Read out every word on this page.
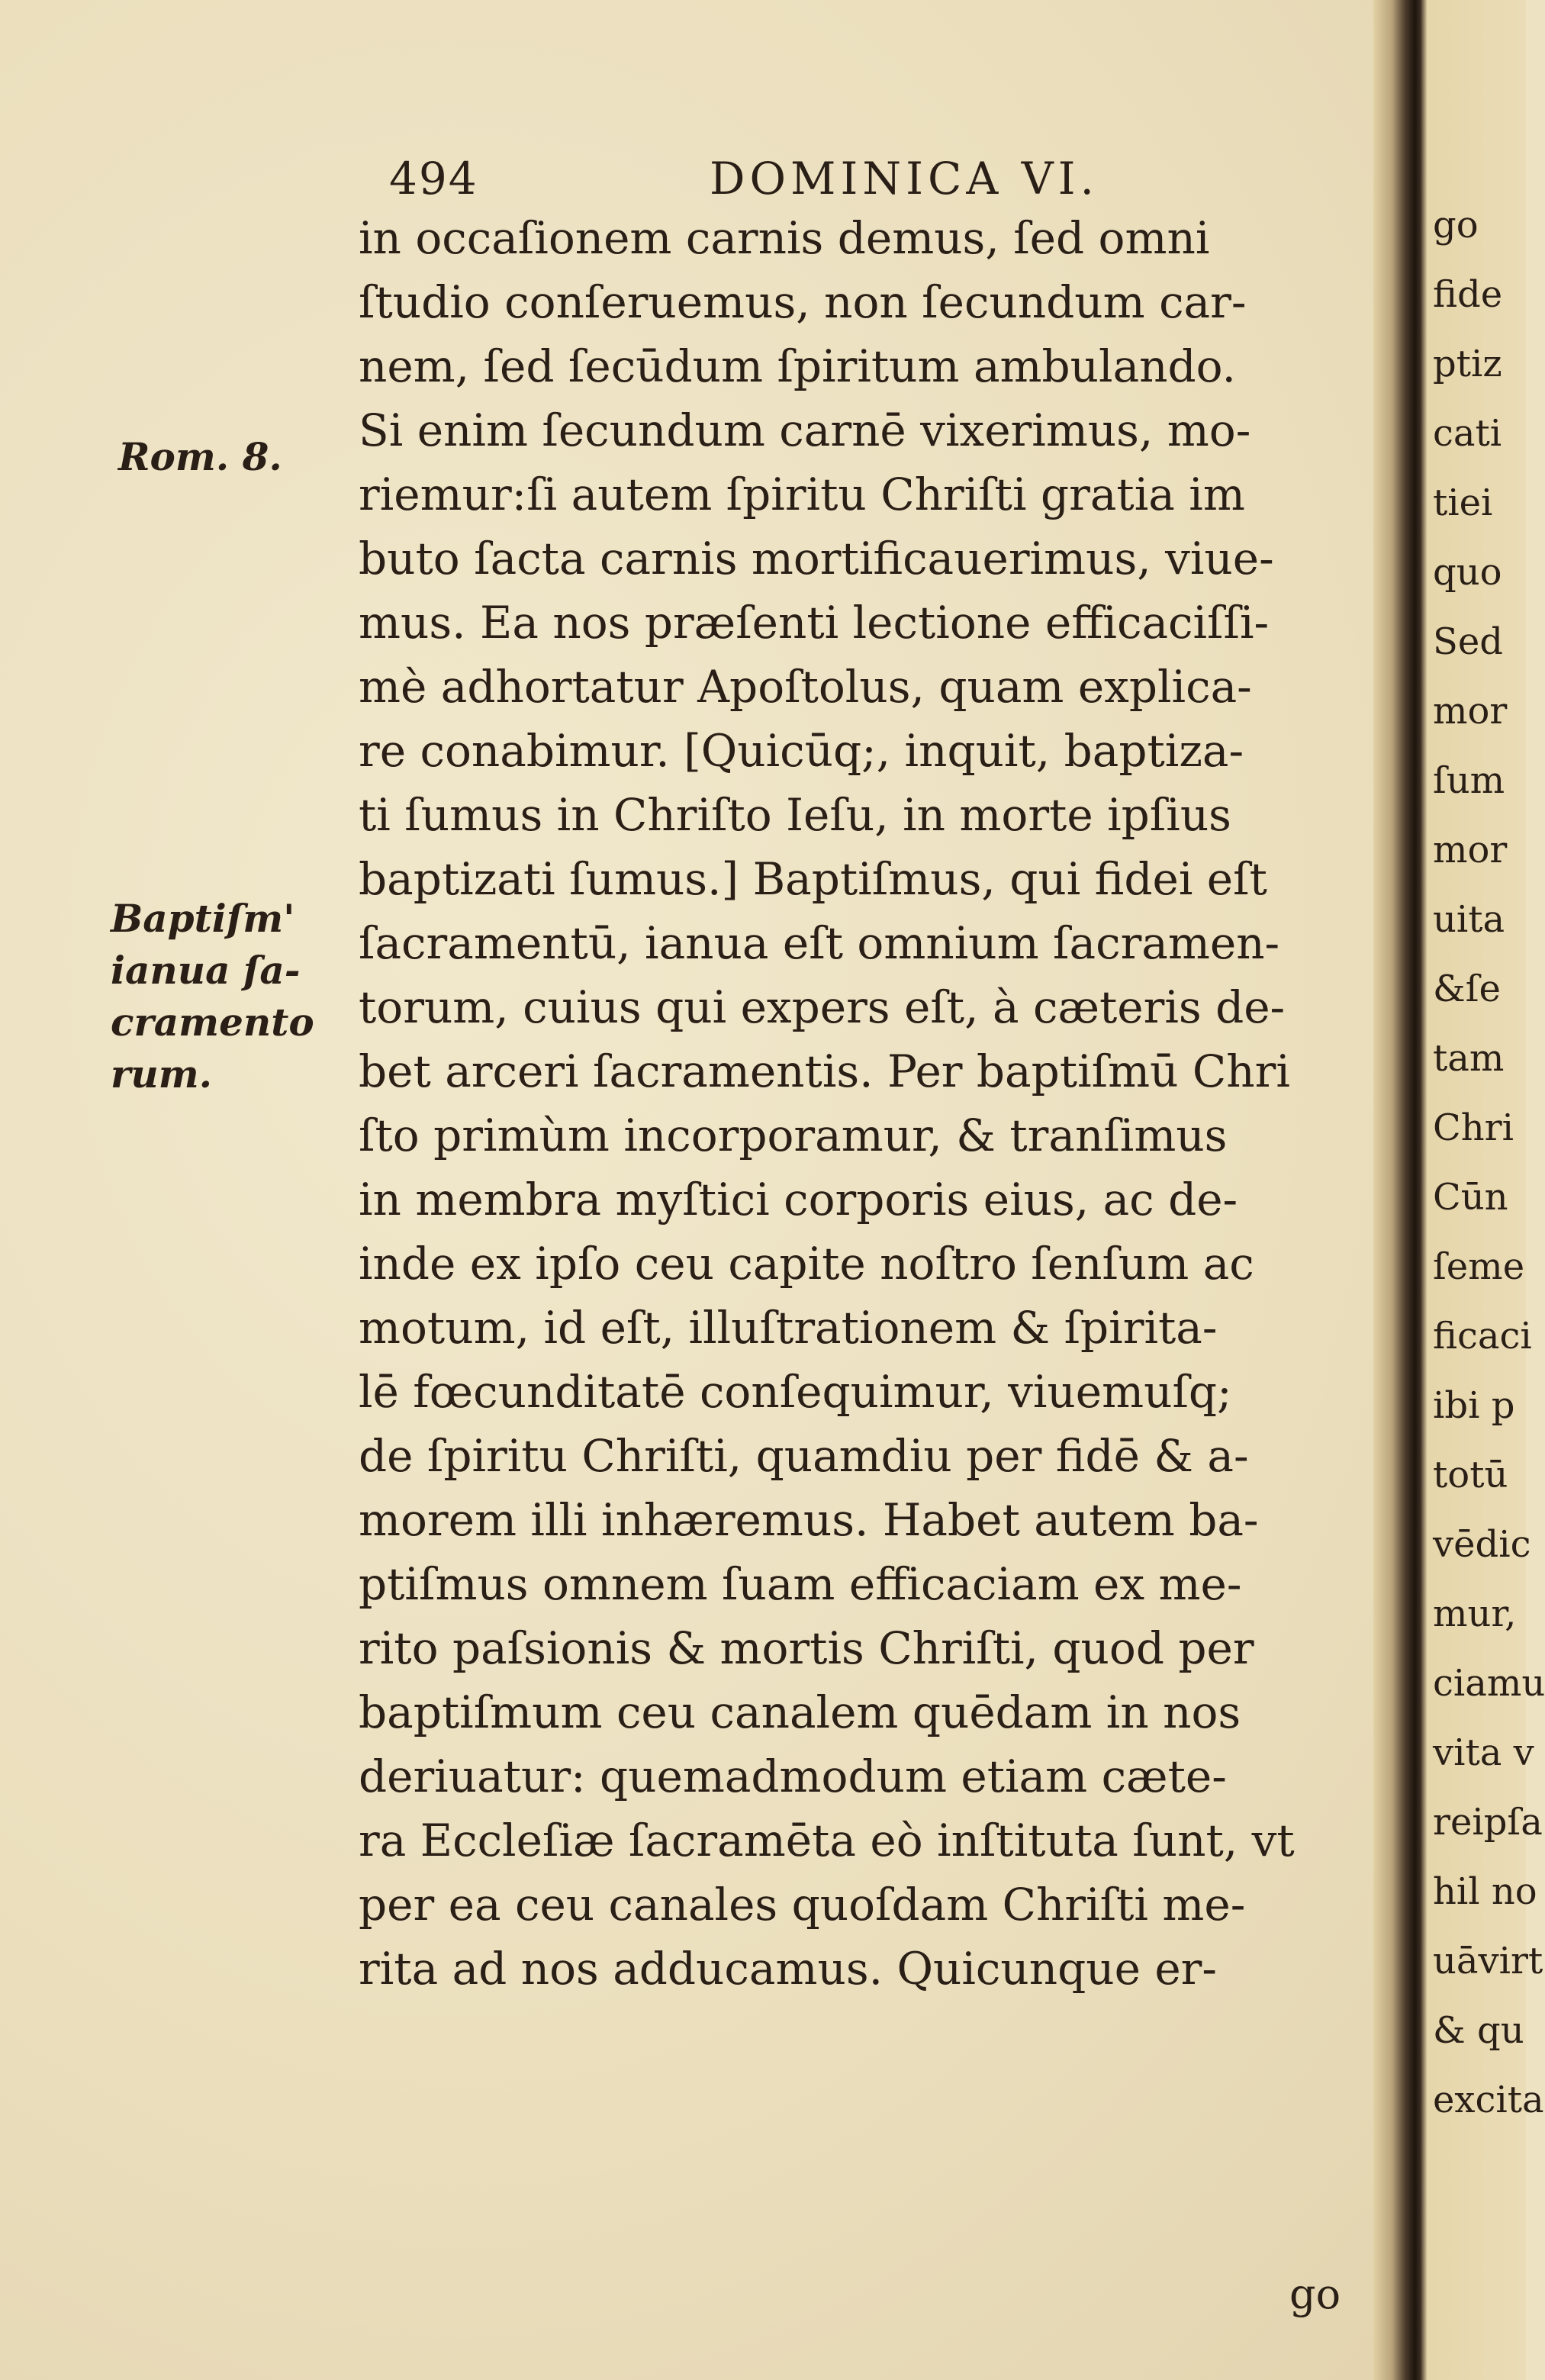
494	DOMINICA VI.
Rom. 8.
Baptiſm'
ianua ſa-
cramento
rum.
in occaſionem carnis demus, ſed omni
ſtudio conſeruemus, non ſecundum car-
nem, ſed ſecūdum ſpiritum ambulando.
Si enim ſecundum carnē vixerimus, mo-
riemur:ſi autem ſpiritu Chriſti gratia im
buto ſacta carnis mortificauerimus, viue-
mus. Ea nos præſenti lectione efficaciſſi-
mè adhortatur Apoſtolus, quam explica-
re conabimur. [Quicūq;, inquit, baptiza-
ti ſumus in Chriſto Ieſu, in morte ipſius
baptizati ſumus.] Baptiſmus, qui fidei eſt
ſacramentū, ianua eſt omnium ſacramen-
torum, cuius qui expers eſt, à cæteris de-
bet arceri ſacramentis. Per baptiſmū Chri
ſto primùm incorporamur, & tranſimus
in membra myſtici corporis eius, ac de-
inde ex ipſo ceu capite noſtro ſenſum ac
motum, id eſt, illuſtrationem & ſpirita-
lē fœcunditatē conſequimur, viuemuſq;
de ſpiritu Chriſti, quamdiu per fidē & a-
morem illi inhæremus. Habet autem ba-
ptiſmus omnem ſuam efficaciam ex me-
rito paſsionis & mortis Chriſti, quod per
baptiſmum ceu canalem quēdam in nos
deriuatur: quemadmodum etiam cæte-
ra Eccleſiæ ſacramēta eò inſtituta ſunt, vt
per ea ceu canales quoſdam Chriſti me-
rita ad nos adducamus. Quicunque er-
go
go
fide
ptiz
cati
tiei
quo
Sed
mor
ſum
mor
uita
&ſe
tam
Chri
Cūn
ſeme
ficaci
ibi p
totū
vēdic
mur,
ciamu
vita v
reipſa
hil no
uāvirt
& qu
excita
